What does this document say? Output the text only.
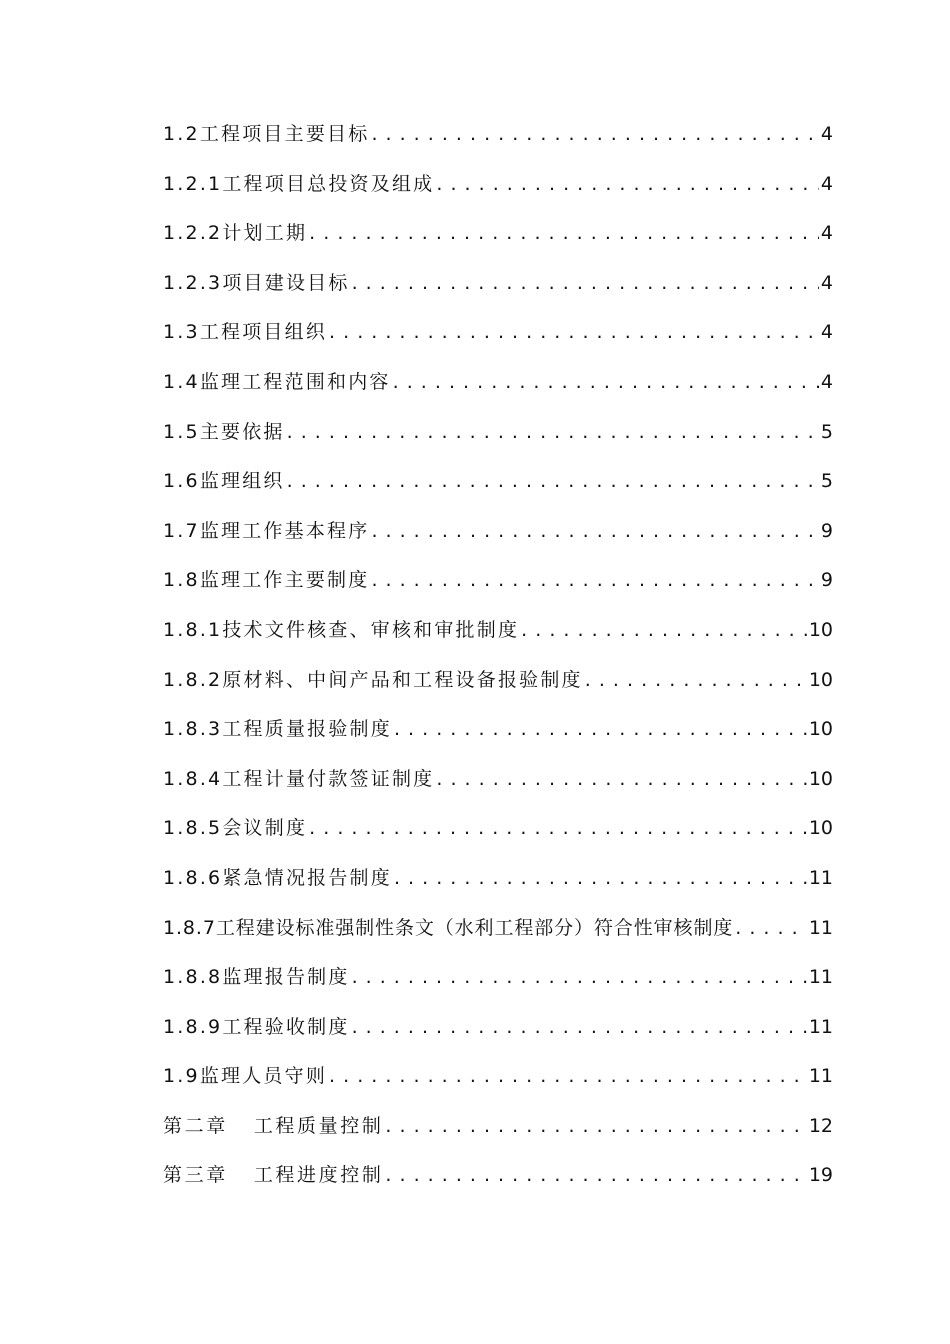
1.2工程项目主要目标 . . .	4
1.2.1工程项目总投资及组成 . . .	4
1.2.2计划工期 . . .	4
1.2.3项目建设目标 . . .	4
1.3工程项目组织 . . .	4
1.4监理工程范围和内容 . . .	4
1.5主要依据 . . .	5
1.6监理组织 . . .	5
1.7监理工作基本程序 . . .	9
1.8监理工作主要制度 . . .	9
1.8.1技术文件核查、审核和审批制度 . . .	10
1.8.2原材料、中间产品和工程设备报验制度 . . .	10
1.8.3工程质量报验制度 . . .	10
1.8.4工程计量付款签证制度 . . .	10
1.8.5会议制度 . . .	10
1.8.6紧急情况报告制度 . . .	11
1.8.7工程建设标准强制性条文（水利工程部分）符合性审核制度 . . .	11
1.8.8监理报告制度 . . .	11
1.8.9工程验收制度 . . .	11
1.9监理人员守则 . . .	11
第二章 工程质量控制 . . .	12
第三章 工程进度控制 . . .	19
